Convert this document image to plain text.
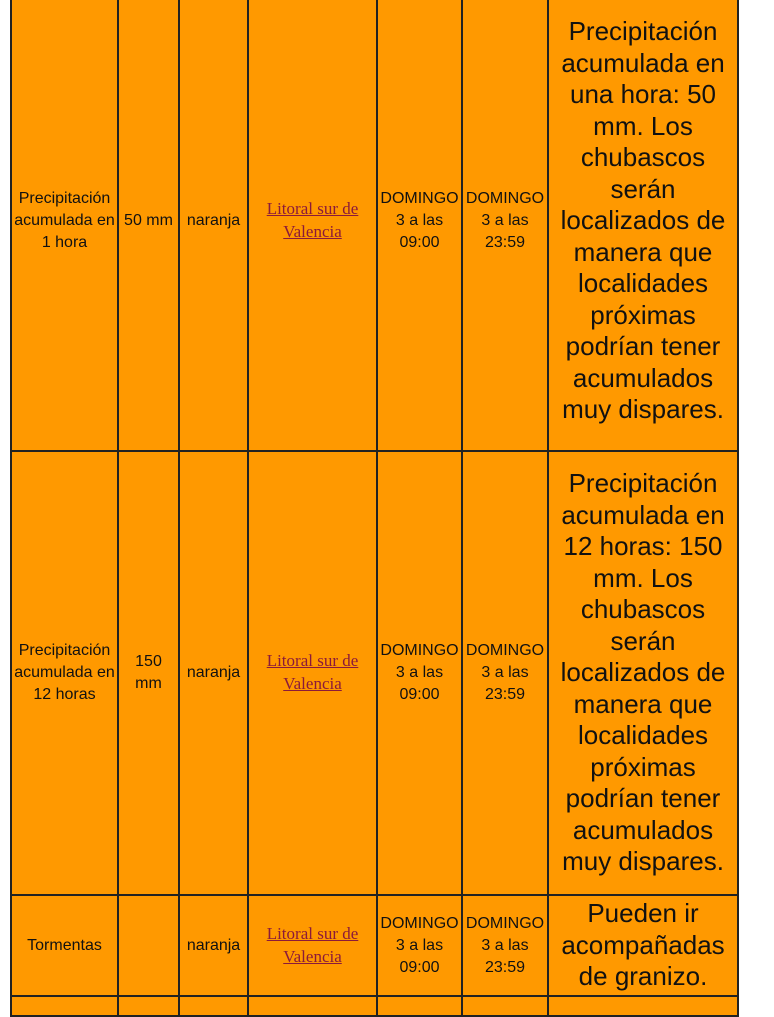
Precipitación acumulada en 1 hora	50 mm	naranja	Litoral sur de Valencia	DOMINGO
3 a las
09:00	DOMINGO
3 a las
23:59	Precipitación acumulada en una hora: 50 mm. Los chubascos serán localizados de manera que localidades próximas podrían tener acumulados muy dispares.
Precipitación acumulada en 12 horas	150 mm	naranja	Litoral sur de Valencia	DOMINGO
3 a las
09:00	DOMINGO
3 a las
23:59	Precipitación acumulada en 12 horas: 150 mm. Los chubascos serán localizados de manera que localidades próximas podrían tener acumulados muy dispares.
Tormentas		naranja	Litoral sur de Valencia	DOMINGO
3 a las
09:00	DOMINGO
3 a las
23:59	Pueden ir acompañadas de granizo.
